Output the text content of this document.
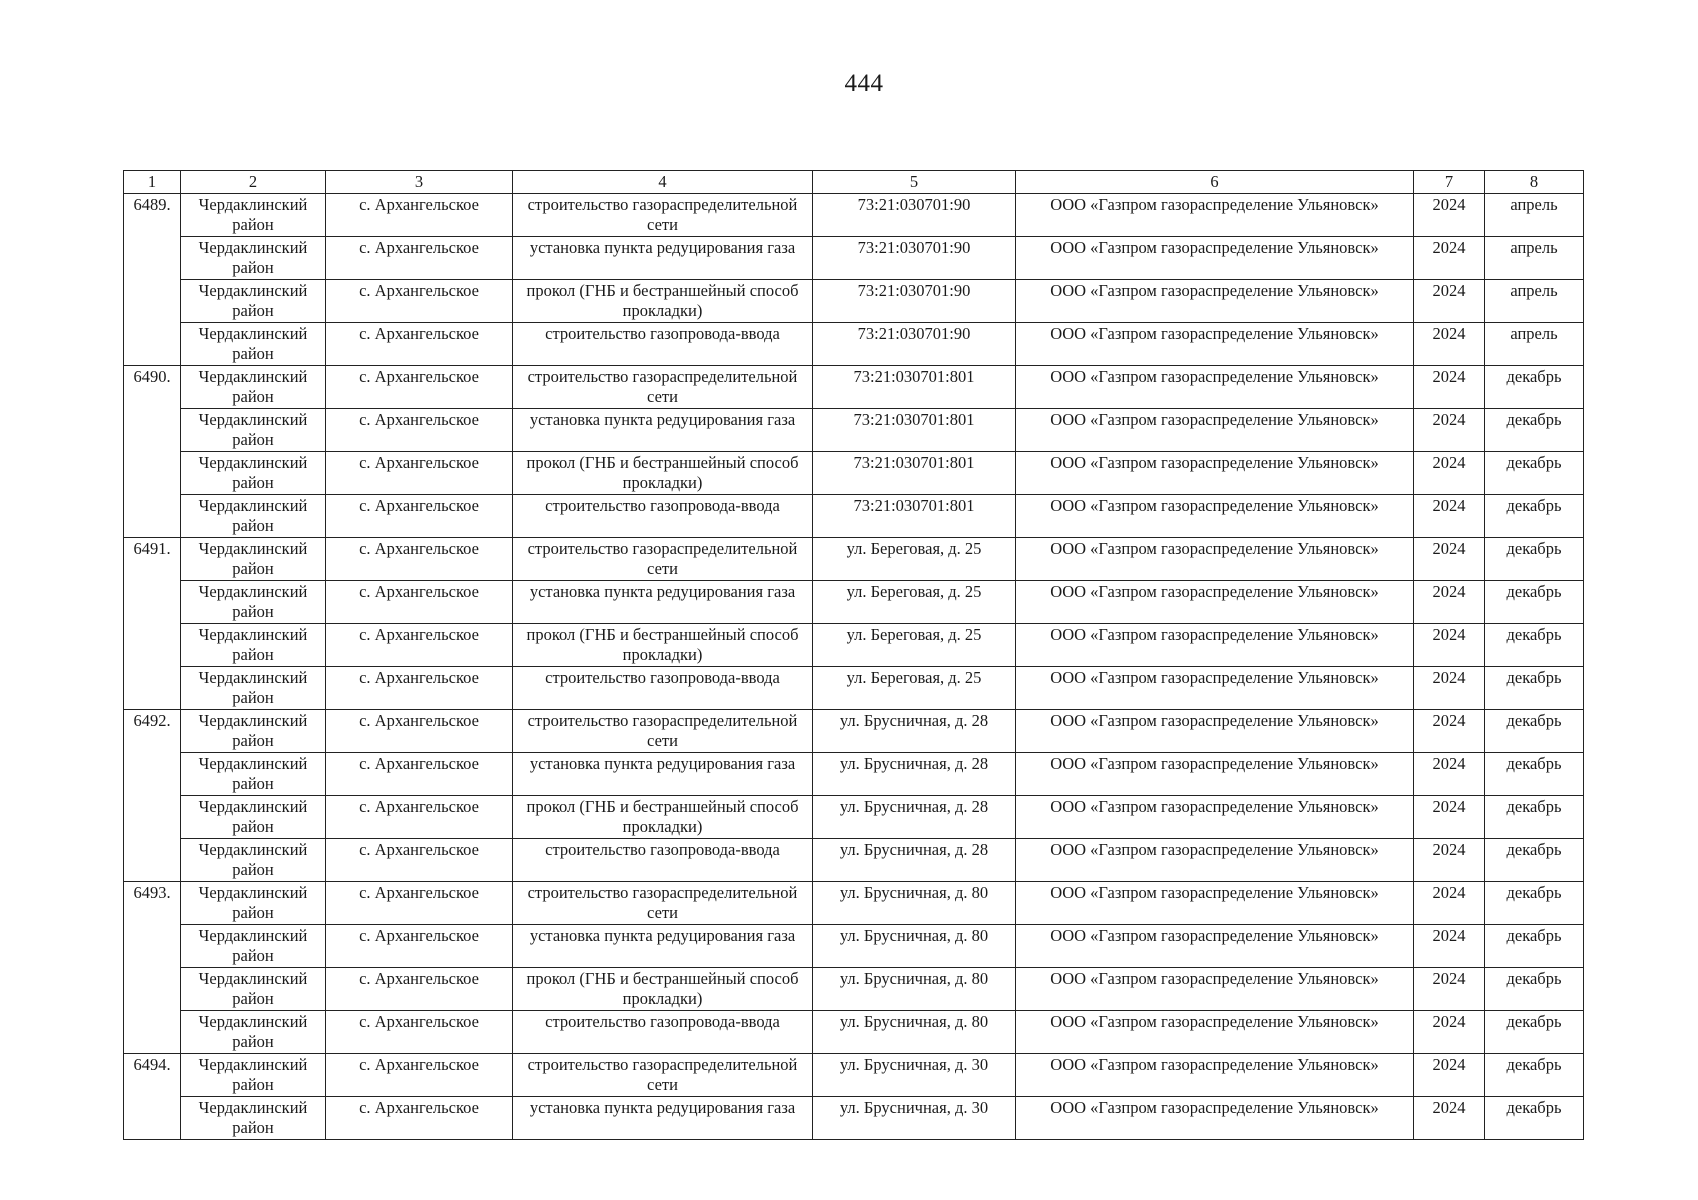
444
1	2	3	4	5	6	7	8
6489.	Чердаклинский район	с. Архангельское	строительство газораспределительной сети	73:21:030701:90	ООО «Газпром газораспределение Ульяновск»	2024	апрель
	Чердаклинский район	с. Архангельское	установка пункта редуцирования газа	73:21:030701:90	ООО «Газпром газораспределение Ульяновск»	2024	апрель
	Чердаклинский район	с. Архангельское	прокол (ГНБ и бестраншейный способ прокладки)	73:21:030701:90	ООО «Газпром газораспределение Ульяновск»	2024	апрель
	Чердаклинский район	с. Архангельское	строительство газопровода-ввода	73:21:030701:90	ООО «Газпром газораспределение Ульяновск»	2024	апрель
6490.	Чердаклинский район	с. Архангельское	строительство газораспределительной сети	73:21:030701:801	ООО «Газпром газораспределение Ульяновск»	2024	декабрь
	Чердаклинский район	с. Архангельское	установка пункта редуцирования газа	73:21:030701:801	ООО «Газпром газораспределение Ульяновск»	2024	декабрь
	Чердаклинский район	с. Архангельское	прокол (ГНБ и бестраншейный способ прокладки)	73:21:030701:801	ООО «Газпром газораспределение Ульяновск»	2024	декабрь
	Чердаклинский район	с. Архангельское	строительство газопровода-ввода	73:21:030701:801	ООО «Газпром газораспределение Ульяновск»	2024	декабрь
6491.	Чердаклинский район	с. Архангельское	строительство газораспределительной сети	ул. Береговая, д. 25	ООО «Газпром газораспределение Ульяновск»	2024	декабрь
	Чердаклинский район	с. Архангельское	установка пункта редуцирования газа	ул. Береговая, д. 25	ООО «Газпром газораспределение Ульяновск»	2024	декабрь
	Чердаклинский район	с. Архангельское	прокол (ГНБ и бестраншейный способ прокладки)	ул. Береговая, д. 25	ООО «Газпром газораспределение Ульяновск»	2024	декабрь
	Чердаклинский район	с. Архангельское	строительство газопровода-ввода	ул. Береговая, д. 25	ООО «Газпром газораспределение Ульяновск»	2024	декабрь
6492.	Чердаклинский район	с. Архангельское	строительство газораспределительной сети	ул. Брусничная, д. 28	ООО «Газпром газораспределение Ульяновск»	2024	декабрь
	Чердаклинский район	с. Архангельское	установка пункта редуцирования газа	ул. Брусничная, д. 28	ООО «Газпром газораспределение Ульяновск»	2024	декабрь
	Чердаклинский район	с. Архангельское	прокол (ГНБ и бестраншейный способ прокладки)	ул. Брусничная, д. 28	ООО «Газпром газораспределение Ульяновск»	2024	декабрь
	Чердаклинский район	с. Архангельское	строительство газопровода-ввода	ул. Брусничная, д. 28	ООО «Газпром газораспределение Ульяновск»	2024	декабрь
6493.	Чердаклинский район	с. Архангельское	строительство газораспределительной сети	ул. Брусничная, д. 80	ООО «Газпром газораспределение Ульяновск»	2024	декабрь
	Чердаклинский район	с. Архангельское	установка пункта редуцирования газа	ул. Брусничная, д. 80	ООО «Газпром газораспределение Ульяновск»	2024	декабрь
	Чердаклинский район	с. Архангельское	прокол (ГНБ и бестраншейный способ прокладки)	ул. Брусничная, д. 80	ООО «Газпром газораспределение Ульяновск»	2024	декабрь
	Чердаклинский район	с. Архангельское	строительство газопровода-ввода	ул. Брусничная, д. 80	ООО «Газпром газораспределение Ульяновск»	2024	декабрь
6494.	Чердаклинский район	с. Архангельское	строительство газораспределительной сети	ул. Брусничная, д. 30	ООО «Газпром газораспределение Ульяновск»	2024	декабрь
	Чердаклинский район	с. Архангельское	установка пункта редуцирования газа	ул. Брусничная, д. 30	ООО «Газпром газораспределение Ульяновск»	2024	декабрь
